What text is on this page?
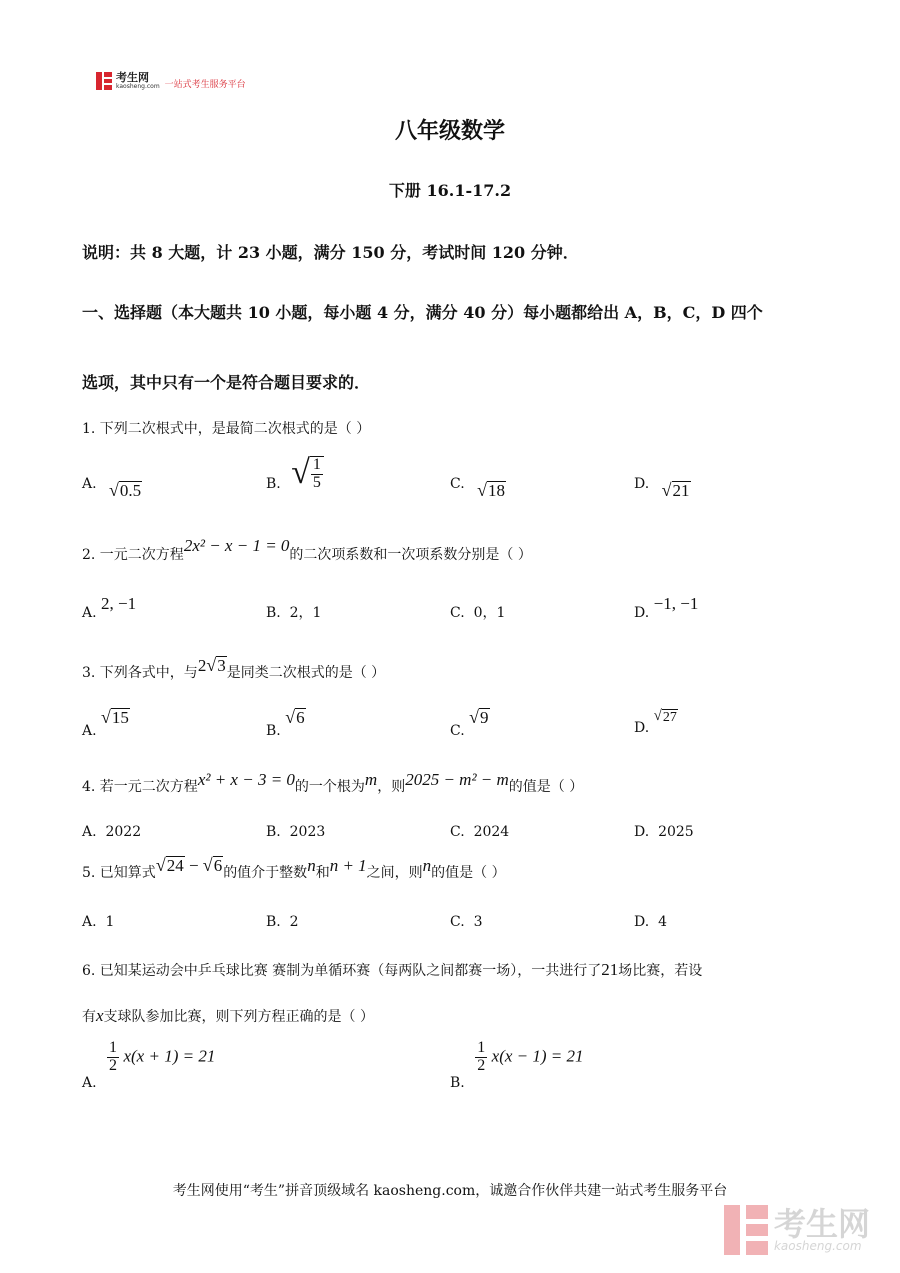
考生网
kaosheng.com 一站式考生服务平台
八年级数学
下册 16.1-17.2
说明：共 8 大题，计 23 小题，满分 150 分，考试时间 120 分钟．
一、选择题（本大题共 10 小题，每小题 4 分，满分 40 分）每小题都给出 A，B，C，D 四个
选项，其中只有一个是符合题目要求的．
1. 下列二次根式中，是最简二次根式的是（ ）
A. √ 0.5	B. √ $\frac{1}{5}$	C. √ 18	D. √ 21
2. 一元二次方程2x² − x − 1 = 0的二次项系数和一次项系数分别是（ ）
A. 2, −1	B.  2，1	C.  0，1	D. −1, −1
3. 下列各式中，与2 √ 3 是同类二次根式的是（ ）
A.
√ 15
B.
√ 6
C.
√ 9
D.
√ 27
4. 若一元二次方程x² + x − 3 = 0的一个根为m，则2025 − m² − m的值是（ ）
A.  2022	B.  2023	C.  2024	D.  2025
5. 已知算式 √ 24 − √ 6 的值介于整数n和n + 1之间，则n的值是（ ）
A.  1	B.  2	C.  3	D.  4
6. 已知某运动会中乒乓球比赛 赛制为单循环赛（每两队之间都赛一场），一共进行了21场比赛，若设
有x支球队参加比赛，则下列方程正确的是（ ）
A.
$\frac{1}{2} x(x + 1) = 21$
B.
$\frac{1}{2} x(x - 1) = 21$
考生网使用“考生”拼音顶级域名 kaosheng.com，诚邀合作伙伴共建一站式考生服务平台
考生网
kaosheng.com
